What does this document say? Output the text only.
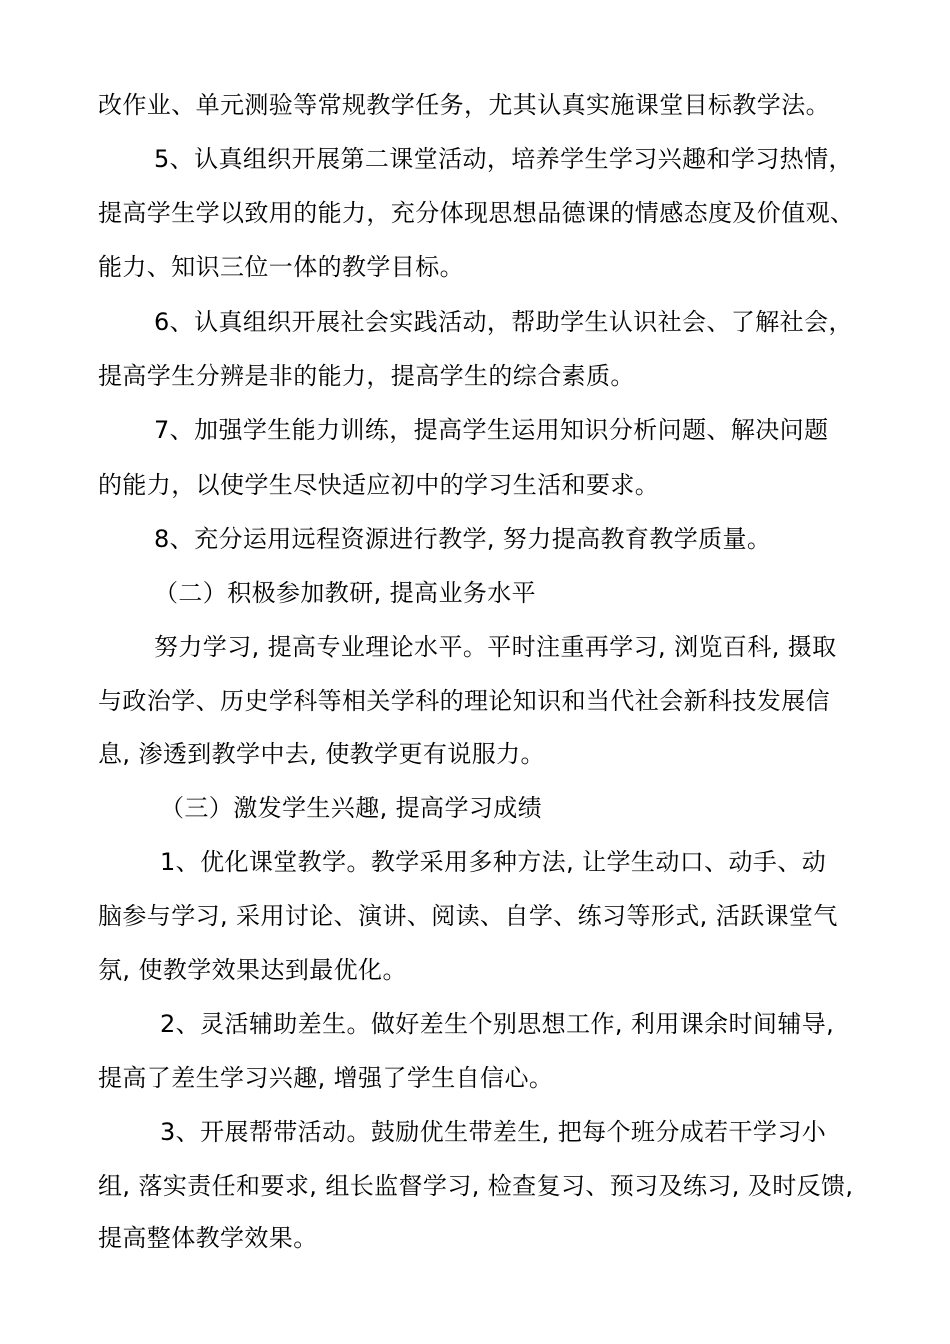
改作业、单元测验等常规教学任务，尤其认真实施课堂目标教学法。
5、认真组织开展第二课堂活动，培养学生学习兴趣和学习热情，
提高学生学以致用的能力，充分体现思想品德课的情感态度及价值观、
能力、知识三位一体的教学目标。
6、认真组织开展社会实践活动，帮助学生认识社会、了解社会，
提高学生分辨是非的能力，提高学生的综合素质。
7、加强学生能力训练，提高学生运用知识分析问题、解决问题
的能力，以使学生尽快适应初中的学习生活和要求。
8、充分运用远程资源进行教学, 努力提高教育教学质量。
（二）积极参加教研, 提高业务水平
努力学习, 提高专业理论水平。平时注重再学习, 浏览百科, 摄取
与政治学、历史学科等相关学科的理论知识和当代社会新科技发展信
息, 渗透到教学中去, 使教学更有说服力。
（三）激发学生兴趣, 提高学习成绩
1、优化课堂教学。教学采用多种方法, 让学生动口、动手、动
脑参与学习, 采用讨论、演讲、阅读、自学、练习等形式, 活跃课堂气
氛, 使教学效果达到最优化。
2、灵活辅助差生。做好差生个别思想工作, 利用课余时间辅导,
提高了差生学习兴趣, 增强了学生自信心。
3、开展帮带活动。鼓励优生带差生, 把每个班分成若干学习小
组, 落实责任和要求, 组长监督学习, 检查复习、预习及练习, 及时反馈,
提高整体教学效果。
